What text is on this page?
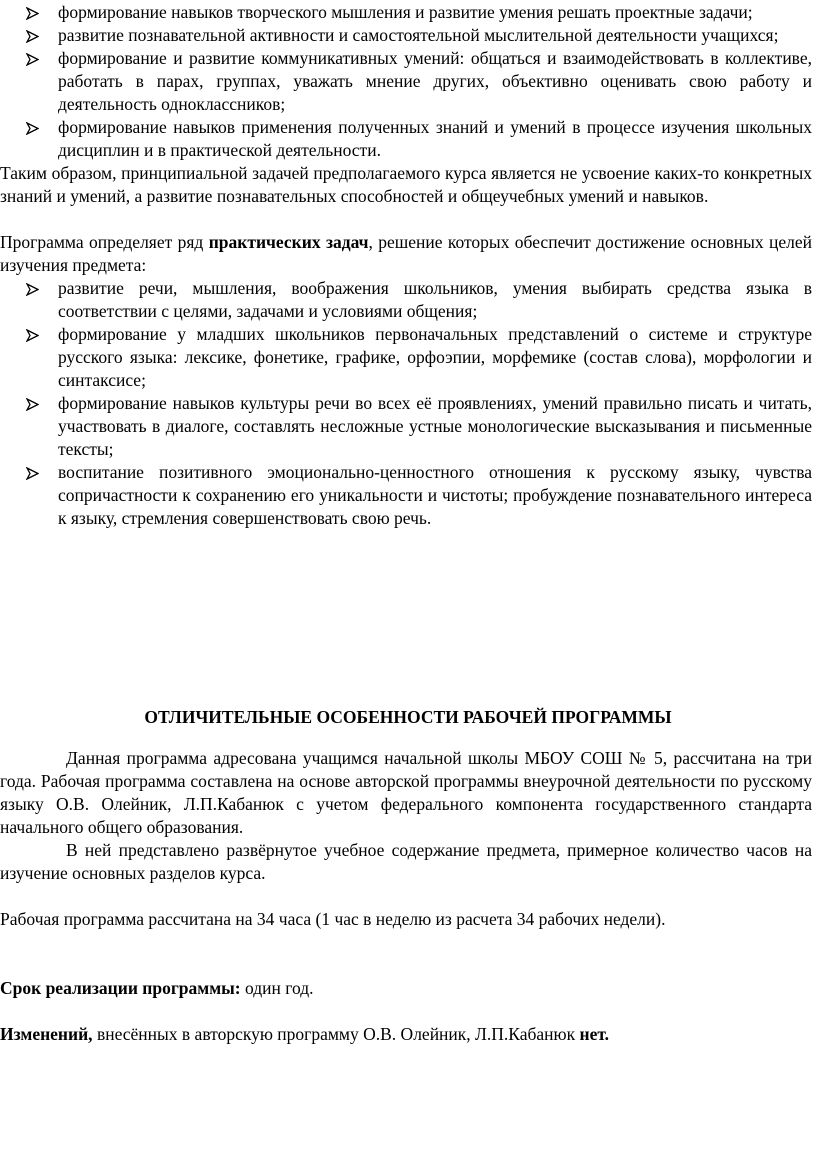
формирование навыков творческого мышления и развитие умения решать проектные задачи;
развитие познавательной активности и самостоятельной мыслительной деятельности учащихся;
формирование и развитие коммуникативных умений: общаться и взаимодействовать в коллективе, работать в парах, группах, уважать мнение других, объективно оценивать свою работу и деятельность одноклассников;
формирование навыков применения полученных знаний и умений в процессе изучения школьных дисциплин и в практической деятельности.

Таким образом, принципиальной задачей предполагаемого курса является не усвоение каких-то конкретных знаний и умений, а развитие познавательных способностей и общеучебных умений и навыков.

Программа определяет ряд практических задач, решение которых обеспечит достижение основных целей изучения предмета:

развитие речи, мышления, воображения школьников, умения выбирать средства языка в соответствии с целями, задачами и условиями общения;
формирование у младших школьников первоначальных представлений о системе и структуре русского языка: лексике, фонетике, графике, орфоэпии, морфемике (состав слова), морфологии и синтаксисе;
формирование навыков культуры речи во всех её проявлениях, умений правильно писать и читать, участвовать в диалоге, составлять несложные устные монологические высказывания и письменные тексты;
воспитание позитивного эмоционально-ценностного отношения к русскому языку, чувства сопричастности к сохранению его уникальности и чистоты; пробуждение познавательного интереса к языку, стремления совершенствовать свою речь.
ОТЛИЧИТЕЛЬНЫЕ ОСОБЕННОСТИ РАБОЧЕЙ ПРОГРАММЫ

Данная программа адресована учащимся начальной школы МБОУ СОШ № 5, рассчитана на три года. Рабочая программа составлена на основе авторской программы внеурочной деятельности по русскому языку О.В. Олейник, Л.П.Кабанюк с учетом федерального компонента государственного стандарта начального общего образования.

В ней представлено развёрнутое учебное содержание предмета, примерное количество часов на изучение основных разделов курса.

Рабочая программа рассчитана на 34 часа (1 час в неделю из расчета 34 рабочих недели).

Срок реализации программы: один год.

Изменений, внесённых в авторскую программу О.В. Олейник, Л.П.Кабанюк нет.
